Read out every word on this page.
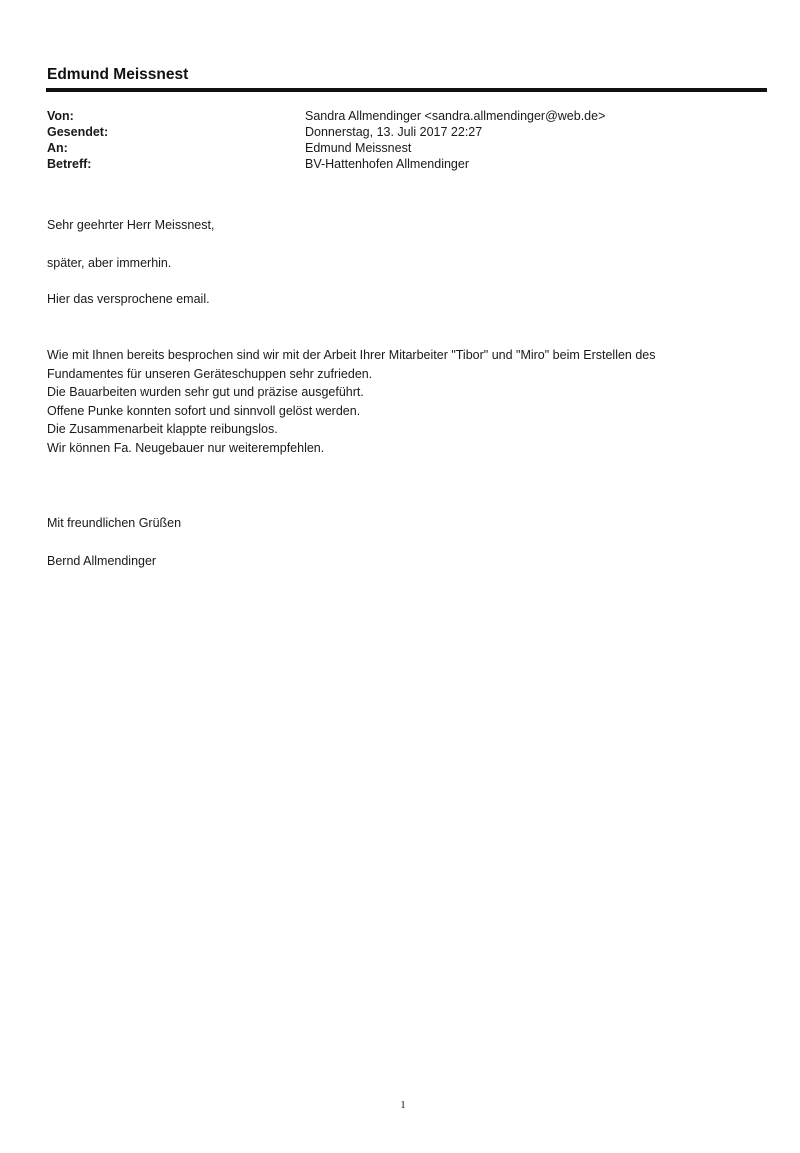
Edmund Meissnest
Von:	Sandra Allmendinger <sandra.allmendinger@web.de>
Gesendet:	Donnerstag, 13. Juli 2017 22:27
An:	Edmund Meissnest
Betreff:	BV-Hattenhofen Allmendinger
Sehr geehrter Herr Meissnest,
später, aber immerhin.
Hier das versprochene email.
Wie mit Ihnen bereits besprochen sind wir mit der Arbeit Ihrer Mitarbeiter "Tibor" und "Miro" beim Erstellen des
Fundamentes für unseren Geräteschuppen sehr zufrieden.
Die Bauarbeiten wurden sehr gut und präzise ausgeführt.
Offene Punke konnten sofort und sinnvoll gelöst werden.
Die Zusammenarbeit klappte reibungslos.
Wir können Fa. Neugebauer nur weiterempfehlen.
Mit freundlichen Grüßen
Bernd Allmendinger
1
